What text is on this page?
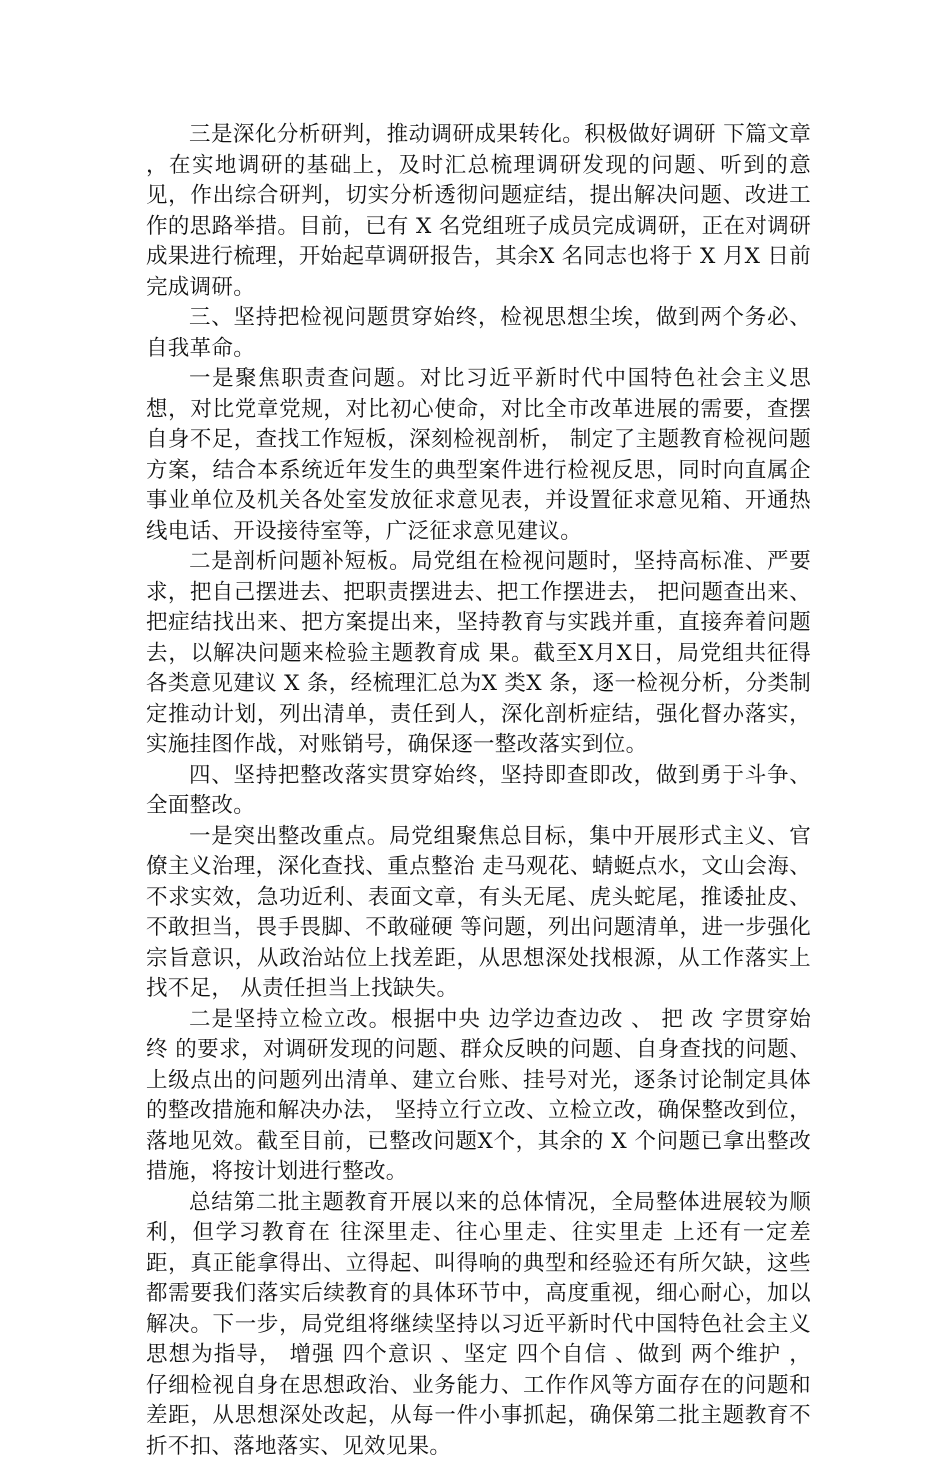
三是深化分析研判，推动调研成果转化。积极做好调研 下篇文章 ，在实地调研的基础上，及时汇总梳理调研发现的问题、听到的意见，作出综合研判，切实分析透彻问题症结，提出解决问题、改进工作的思路举措。目前，已有 X 名党组班子成员完成调研，正在对调研成果进行梳理，开始起草调研报告，其余X 名同志也将于 X 月X 日前完成调研。

三、坚持把检视问题贯穿始终，检视思想尘埃，做到两个务必、自我革命。

一是聚焦职责查问题。对比习近平新时代中国特色社会主义思想，对比党章党规，对比初心使命，对比全市改革进展的需要，查摆自身不足，查找工作短板，深刻检视剖析， 制定了主题教育检视问题方案，结合本系统近年发生的典型案件进行检视反思，同时向直属企事业单位及机关各处室发放征求意见表，并设置征求意见箱、开通热线电话、开设接待室等，广泛征求意见建议。

二是剖析问题补短板。局党组在检视问题时，坚持高标准、严要求，把自己摆进去、把职责摆进去、把工作摆进去， 把问题查出来、把症结找出来、把方案提出来，坚持教育与实践并重，直接奔着问题去，以解决问题来检验主题教育成 果。截至X月X日，局党组共征得各类意见建议 X 条，经梳理汇总为X 类X 条，逐一检视分析，分类制定推动计划，列出清单，责任到人，深化剖析症结，强化督办落实，实施挂图作战，对账销号，确保逐一整改落实到位。

四、坚持把整改落实贯穿始终，坚持即查即改，做到勇于斗争、全面整改。

一是突出整改重点。局党组聚焦总目标，集中开展形式主义、官僚主义治理，深化查找、重点整治 走马观花、蜻蜓点水，文山会海、不求实效，急功近利、表面文章，有头无尾、虎头蛇尾，推诿扯皮、不敢担当，畏手畏脚、不敢碰硬 等问题，列出问题清单，进一步强化宗旨意识，从政治站位上找差距，从思想深处找根源，从工作落实上找不足， 从责任担当上找缺失。

二是坚持立检立改。根据中央 边学边查边改 、 把 改 字贯穿始终 的要求，对调研发现的问题、群众反映的问题、自身查找的问题、上级点出的问题列出清单、建立台账、挂号对光，逐条讨论制定具体的整改措施和解决办法， 坚持立行立改、立检立改，确保整改到位，落地见效。截至目前，已整改问题X个，其余的 X 个问题已拿出整改措施，将按计划进行整改。

总结第二批主题教育开展以来的总体情况，全局整体进展较为顺利，但学习教育在 往深里走、往心里走、往实里走 上还有一定差距，真正能拿得出、立得起、叫得响的典型和经验还有所欠缺，这些都需要我们落实后续教育的具体环节中，高度重视，细心耐心，加以解决。下一步，局党组将继续坚持以习近平新时代中国特色社会主义思想为指导， 增强 四个意识 、坚定 四个自信 、做到 两个维护 ， 仔细检视自身在思想政治、业务能力、工作作风等方面存在的问题和差距，从思想深处改起，从每一件小事抓起，确保第二批主题教育不折不扣、落地落实、见效见果。
